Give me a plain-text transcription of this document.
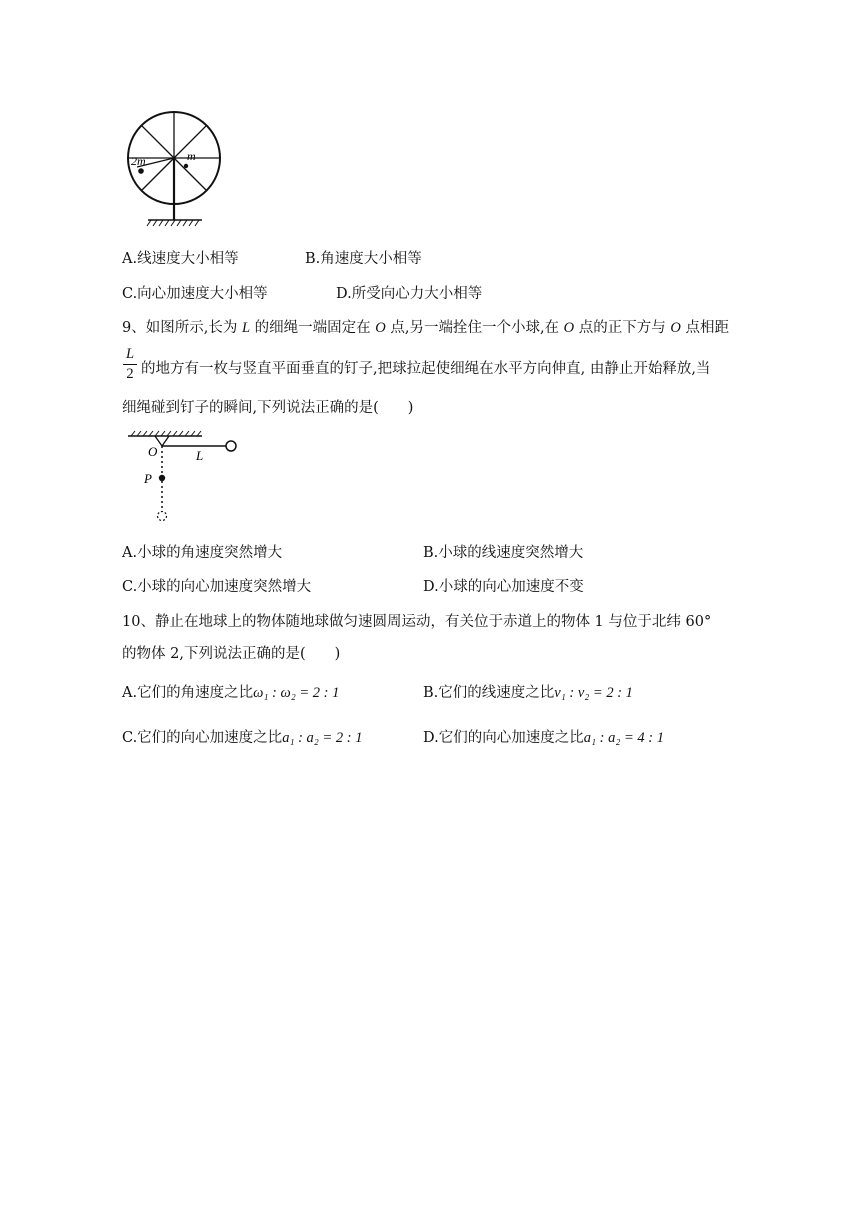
2m	m
A.线速度大小相等	B.角速度大小相等
C.向心加速度大小相等	D.所受向心力大小相等
9、如图所示,长为 L 的细绳一端固定在 O 点,另一端拴住一个小球,在 O 点的正下方与 O 点相距
L
2 的地方有一枚与竖直平面垂直的钉子,把球拉起使细绳在水平方向伸直, 由静止开始释放,当
细绳碰到钉子的瞬间,下列说法正确的是(　　)
O	L
P
A.小球的角速度突然增大	B.小球的线速度突然增大
C.小球的向心加速度突然增大	D.小球的向心加速度不变
10、静止在地球上的物体随地球做匀速圆周运动，有关位于赤道上的物体 1 与位于北纬 60°
的物体 2,下列说法正确的是(　　)
A.它们的角速度之比ω₁ : ω₂ = 2 : 1	B.它们的线速度之比v₁ : v₂ = 2 : 1
C.它们的向心加速度之比a₁ : a₂ = 2 : 1	D.它们的向心加速度之比a₁ : a₂ = 4 : 1
